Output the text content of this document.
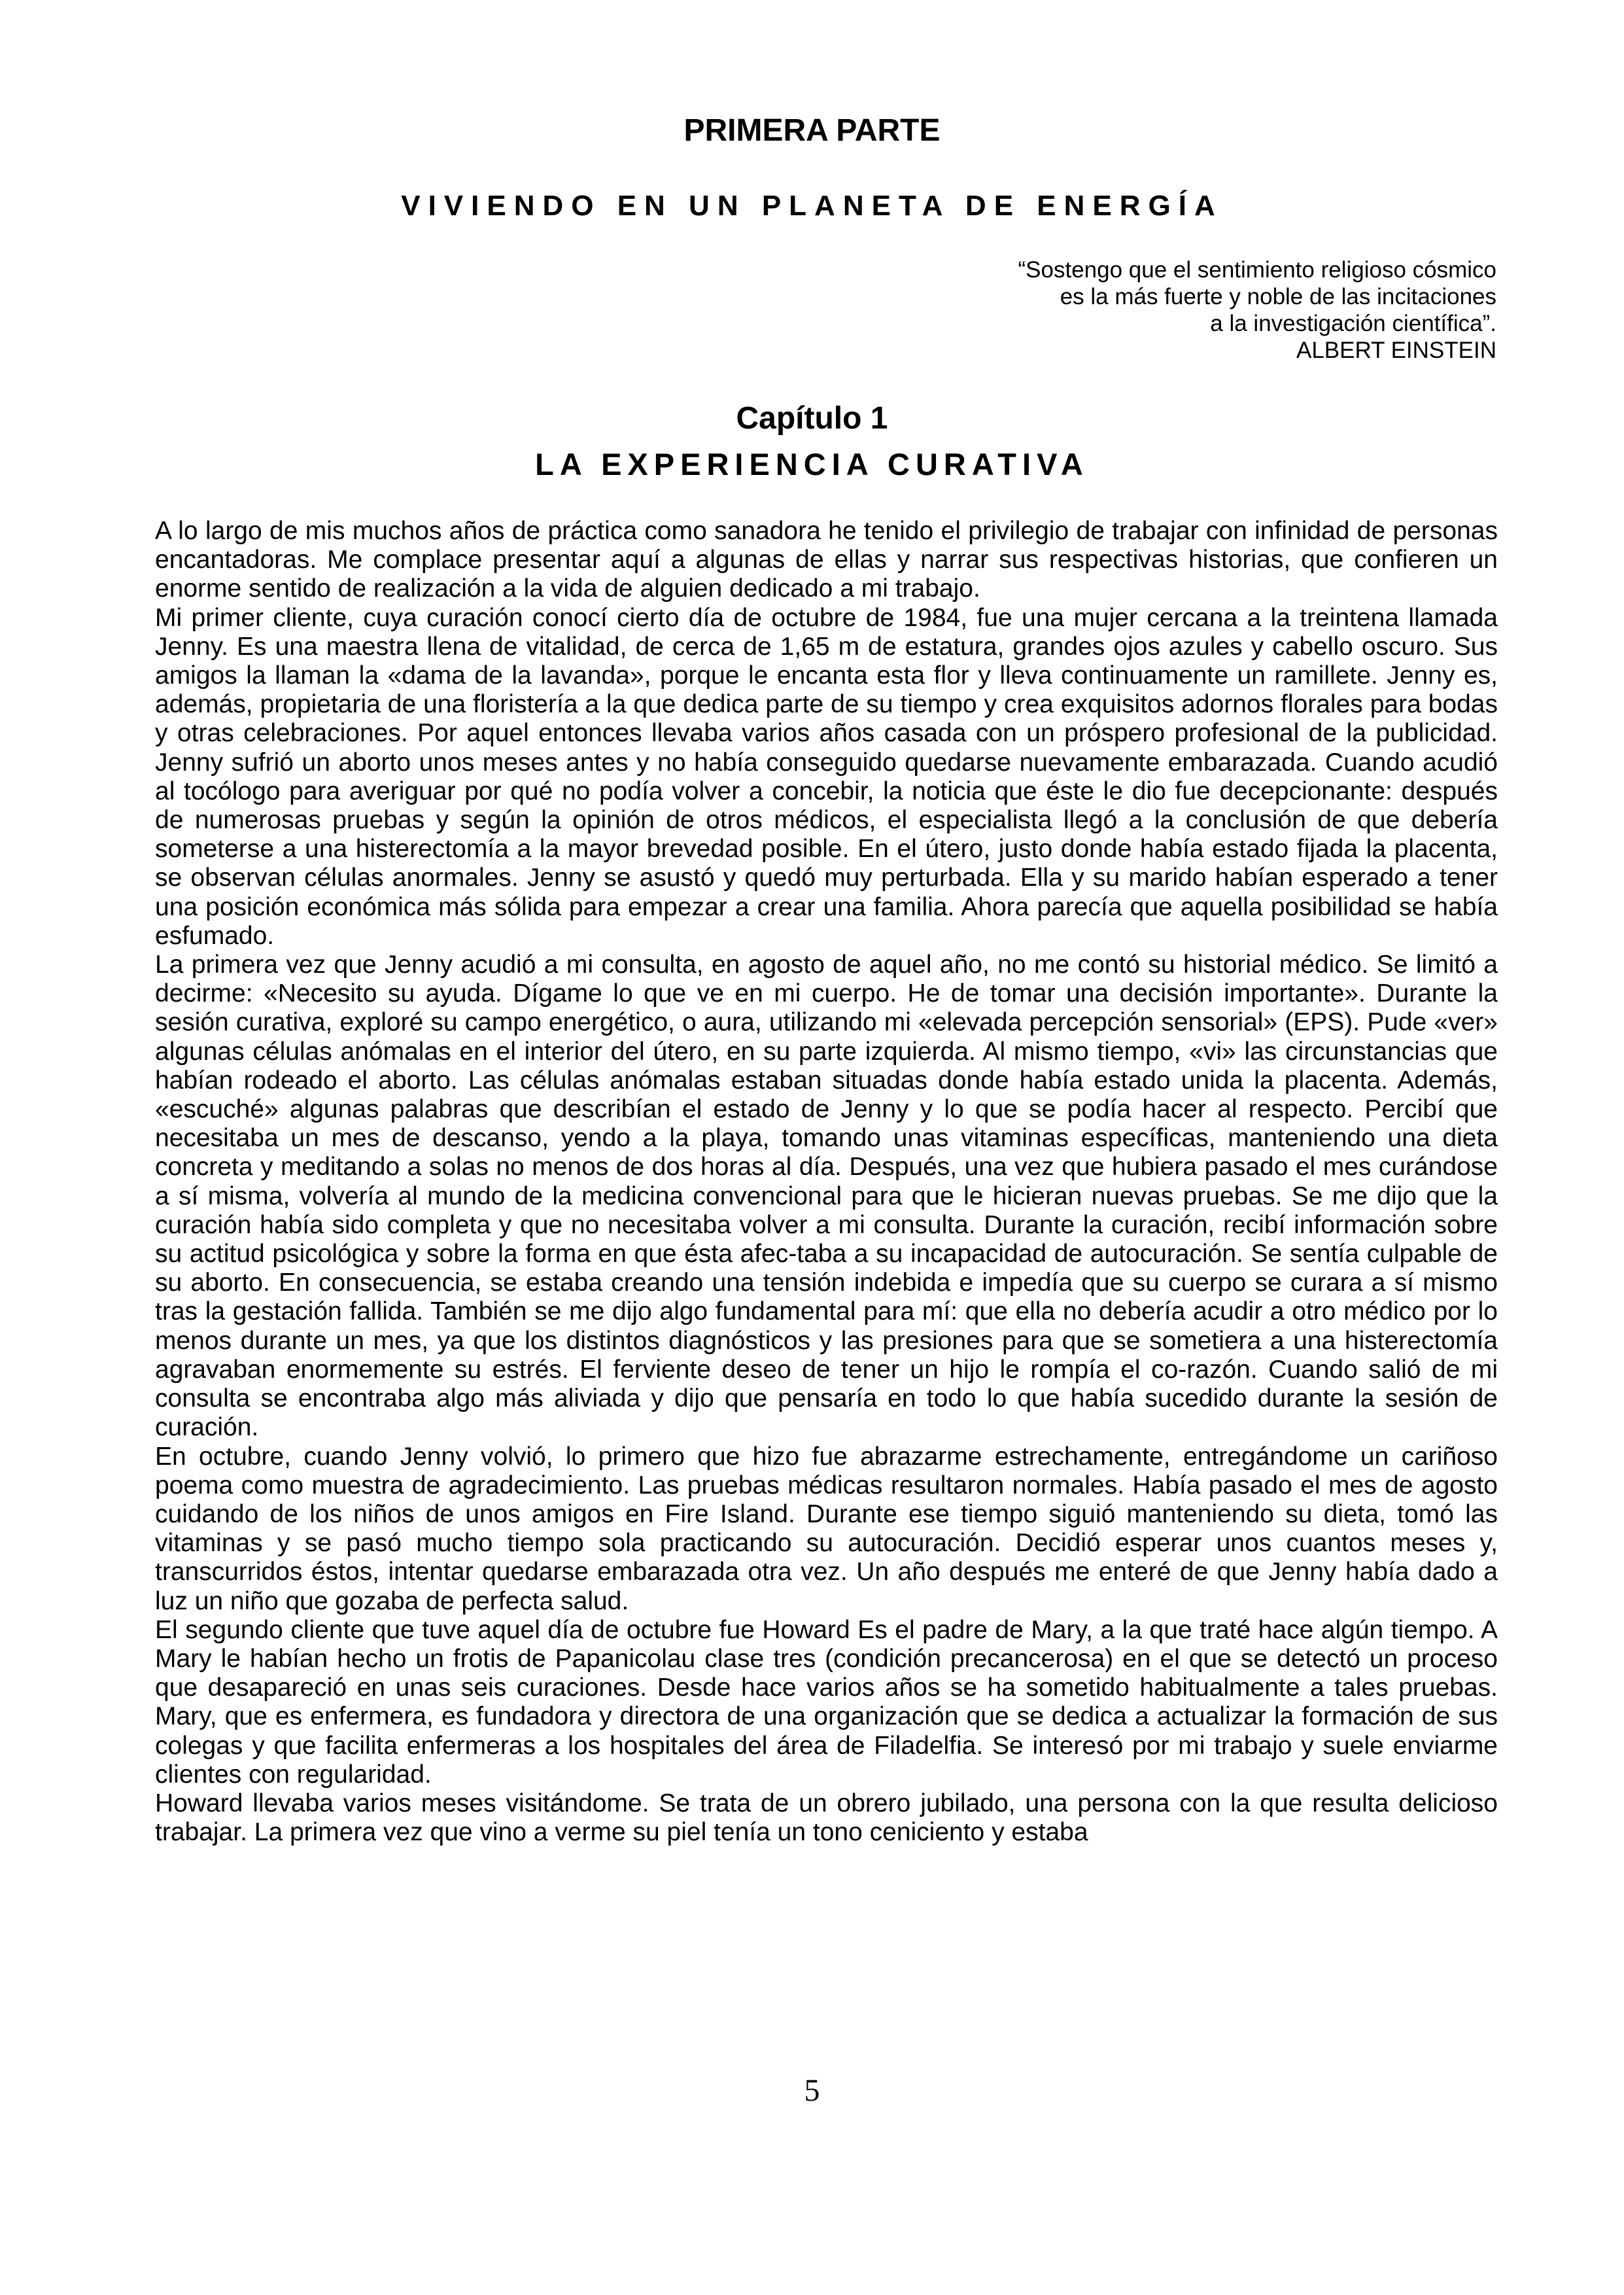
PRIMERA PARTE
VIVIENDO EN UN PLANETA DE ENERGÍA
“Sostengo que el sentimiento religioso cósmico
es la más fuerte y noble de las incitaciones
a la investigación científica”.
ALBERT EINSTEIN
Capítulo 1
LA EXPERIENCIA CURATIVA

A lo largo de mis muchos años de práctica como sanadora he tenido el privilegio de trabajar con infinidad de personas encantadoras. Me complace presentar aquí a algunas de ellas y narrar sus respectivas historias, que confieren un enorme sentido de realización a la vida de alguien dedicado a mi trabajo.

Mi primer cliente, cuya curación conocí cierto día de octubre de 1984, fue una mujer cercana a la treintena llamada Jenny. Es una maestra llena de vitalidad, de cerca de 1,65 m de estatura, grandes ojos azules y cabello oscuro. Sus amigos la llaman la «dama de la lavanda», porque le encanta esta flor y lleva continuamente un ramillete. Jenny es, además, propietaria de una floristería a la que dedica parte de su tiempo y crea exquisitos adornos florales para bodas y otras celebraciones. Por aquel entonces llevaba varios años casada con un próspero profesional de la publicidad. Jenny sufrió un aborto unos meses antes y no había conseguido quedarse nuevamente embarazada. Cuando acudió al tocólogo para averiguar por qué no podía volver a concebir, la noticia que éste le dio fue decepcionante: después de numerosas pruebas y según la opinión de otros médicos, el especialista llegó a la conclusión de que debería someterse a una histerectomía a la mayor brevedad posible. En el útero, justo donde había estado fijada la placenta, se observan células anormales. Jenny se asustó y quedó muy perturbada. Ella y su marido habían esperado a tener una posición económica más sólida para empezar a crear una familia. Ahora parecía que aquella posibilidad se había esfumado.

La primera vez que Jenny acudió a mi consulta, en agosto de aquel año, no me contó su historial médico. Se limitó a decirme: «Necesito su ayuda. Dígame lo que ve en mi cuerpo. He de tomar una decisión importante». Durante la sesión curativa, exploré su campo energético, o aura, utilizando mi «elevada percepción sensorial» (EPS). Pude «ver» algunas células anómalas en el interior del útero, en su parte izquierda. Al mismo tiempo, «vi» las circunstancias que habían rodeado el aborto. Las células anómalas estaban situadas donde había estado unida la placenta. Además, «escuché» algunas palabras que describían el estado de Jenny y lo que se podía hacer al respecto. Percibí que necesitaba un mes de descanso, yendo a la playa, tomando unas vitaminas específicas, manteniendo una dieta concreta y meditando a solas no menos de dos horas al día. Después, una vez que hubiera pasado el mes curándose a sí misma, volvería al mundo de la medicina convencional para que le hicieran nuevas pruebas. Se me dijo que la curación había sido completa y que no necesitaba volver a mi consulta. Durante la curación, recibí información sobre su actitud psicológica y sobre la forma en que ésta afec-taba a su incapacidad de autocuración. Se sentía culpable de su aborto. En consecuencia, se estaba creando una tensión indebida e impedía que su cuerpo se curara a sí mismo tras la gestación fallida. También se me dijo algo fundamental para mí: que ella no debería acudir a otro médico por lo menos durante un mes, ya que los distintos diagnósticos y las presiones para que se sometiera a una histerectomía agravaban enormemente su estrés. El ferviente deseo de tener un hijo le rompía el co-razón. Cuando salió de mi consulta se encontraba algo más aliviada y dijo que pensaría en todo lo que había sucedido durante la sesión de curación.

En octubre, cuando Jenny volvió, lo primero que hizo fue abrazarme estrechamente, entregándome un cariñoso poema como muestra de agradecimiento. Las pruebas médicas resultaron normales. Había pasado el mes de agosto cuidando de los niños de unos amigos en Fire Island. Durante ese tiempo siguió manteniendo su dieta, tomó las vitaminas y se pasó mucho tiempo sola practicando su autocuración. Decidió esperar unos cuantos meses y, transcurridos éstos, intentar quedarse embarazada otra vez. Un año después me enteré de que Jenny había dado a luz un niño que gozaba de perfecta salud.

El segundo cliente que tuve aquel día de octubre fue Howard Es el padre de Mary, a la que traté hace algún tiempo. A Mary le habían hecho un frotis de Papanicolau clase tres (condición precancerosa) en el que se detectó un proceso que desapareció en unas seis curaciones. Desde hace varios años se ha sometido habitualmente a tales pruebas. Mary, que es enfermera, es fundadora y directora de una organización que se dedica a actualizar la formación de sus colegas y que facilita enfermeras a los hospitales del área de Filadelfia. Se interesó por mi trabajo y suele enviarme clientes con regularidad.

Howard llevaba varios meses visitándome. Se trata de un obrero jubilado, una persona con la que resulta delicioso trabajar. La primera vez que vino a verme su piel tenía un tono ceniciento y estaba

5
